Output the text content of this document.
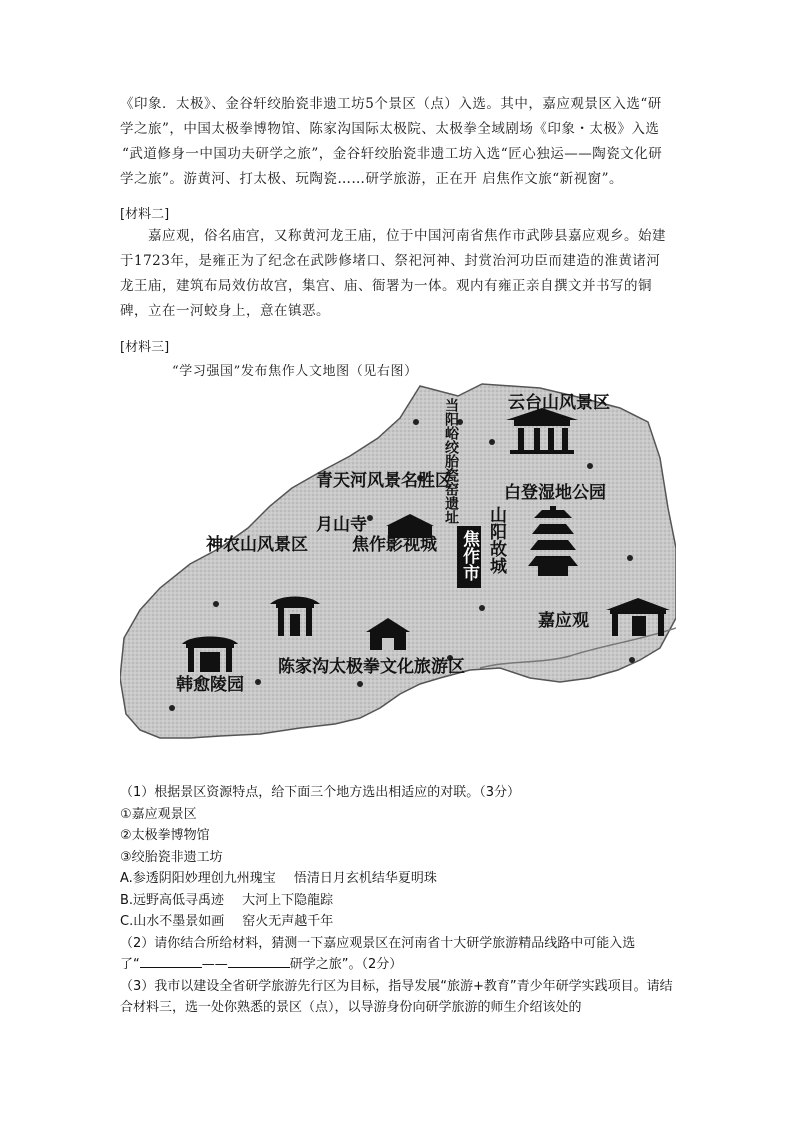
《印象．太极》、金谷轩绞胎瓷非遗工坊5个景区（点）入选。其中，嘉应观景区入选“研

学之旅”，中国太极拳博物馆、陈家沟国际太极院、太极拳全域剧场《印象・太极》入选

“武道修身一中国功夫研学之旅”，金谷轩绞胎瓷非遗工坊入选“匠心独运——陶瓷文化研

学之旅”。游黄河、打太极、玩陶瓷……研学旅游，正在开 启焦作文旅“新视窗”。

[材料二]

嘉应观，俗名庙宫，又称黄河龙王庙，位于中国河南省焦作市武陟县嘉应观乡。始建

于1723年，是雍正为了纪念在武陟修堵口、祭祀河神、封赏治河功臣而建造的淮黄诸河

龙王庙，建筑布局效仿故宫，集宫、庙、衙署为一体。观内有雍正亲自撰文并书写的铜

碑，立在一河蛟身上，意在镇恶。

[材料三]
“学习强国”发布焦作人文地图（见右图）
云台山风景区
青天河风景名胜区
月山寺
白登湿地公园
神农山风景区	焦作影视城
嘉应观
陈家沟太极拳文化旅游区
韩愈陵园
当阳峪绞胎瓷窑遗址
焦作市 山阳故城
（1）根据景区资源特点，给下面三个地方选出相适应的对联。（3分）
①嘉应观景区
②太极拳博物馆
③绞胎瓷非遗工坊
A.参透阴阳妙理创九州瑰宝 悟清日月玄机结华夏明珠
B.远野高低寻禹迹 大河上下隐龍踪
C.山水不墨景如画 窑火无声越千年
（2）请你结合所给材料，猜测一下嘉应观景区在河南省十大研学旅游精品线路中可能入选
了“	——	研学之旅”。（2分）
（3）我市以建设全省研学旅游先行区为目标，指导发展“旅游+教育”青少年研学实践项目。请结合材料三，选一处你熟悉的景区（点），以导游身份向研学旅游的师生介绍该处的
